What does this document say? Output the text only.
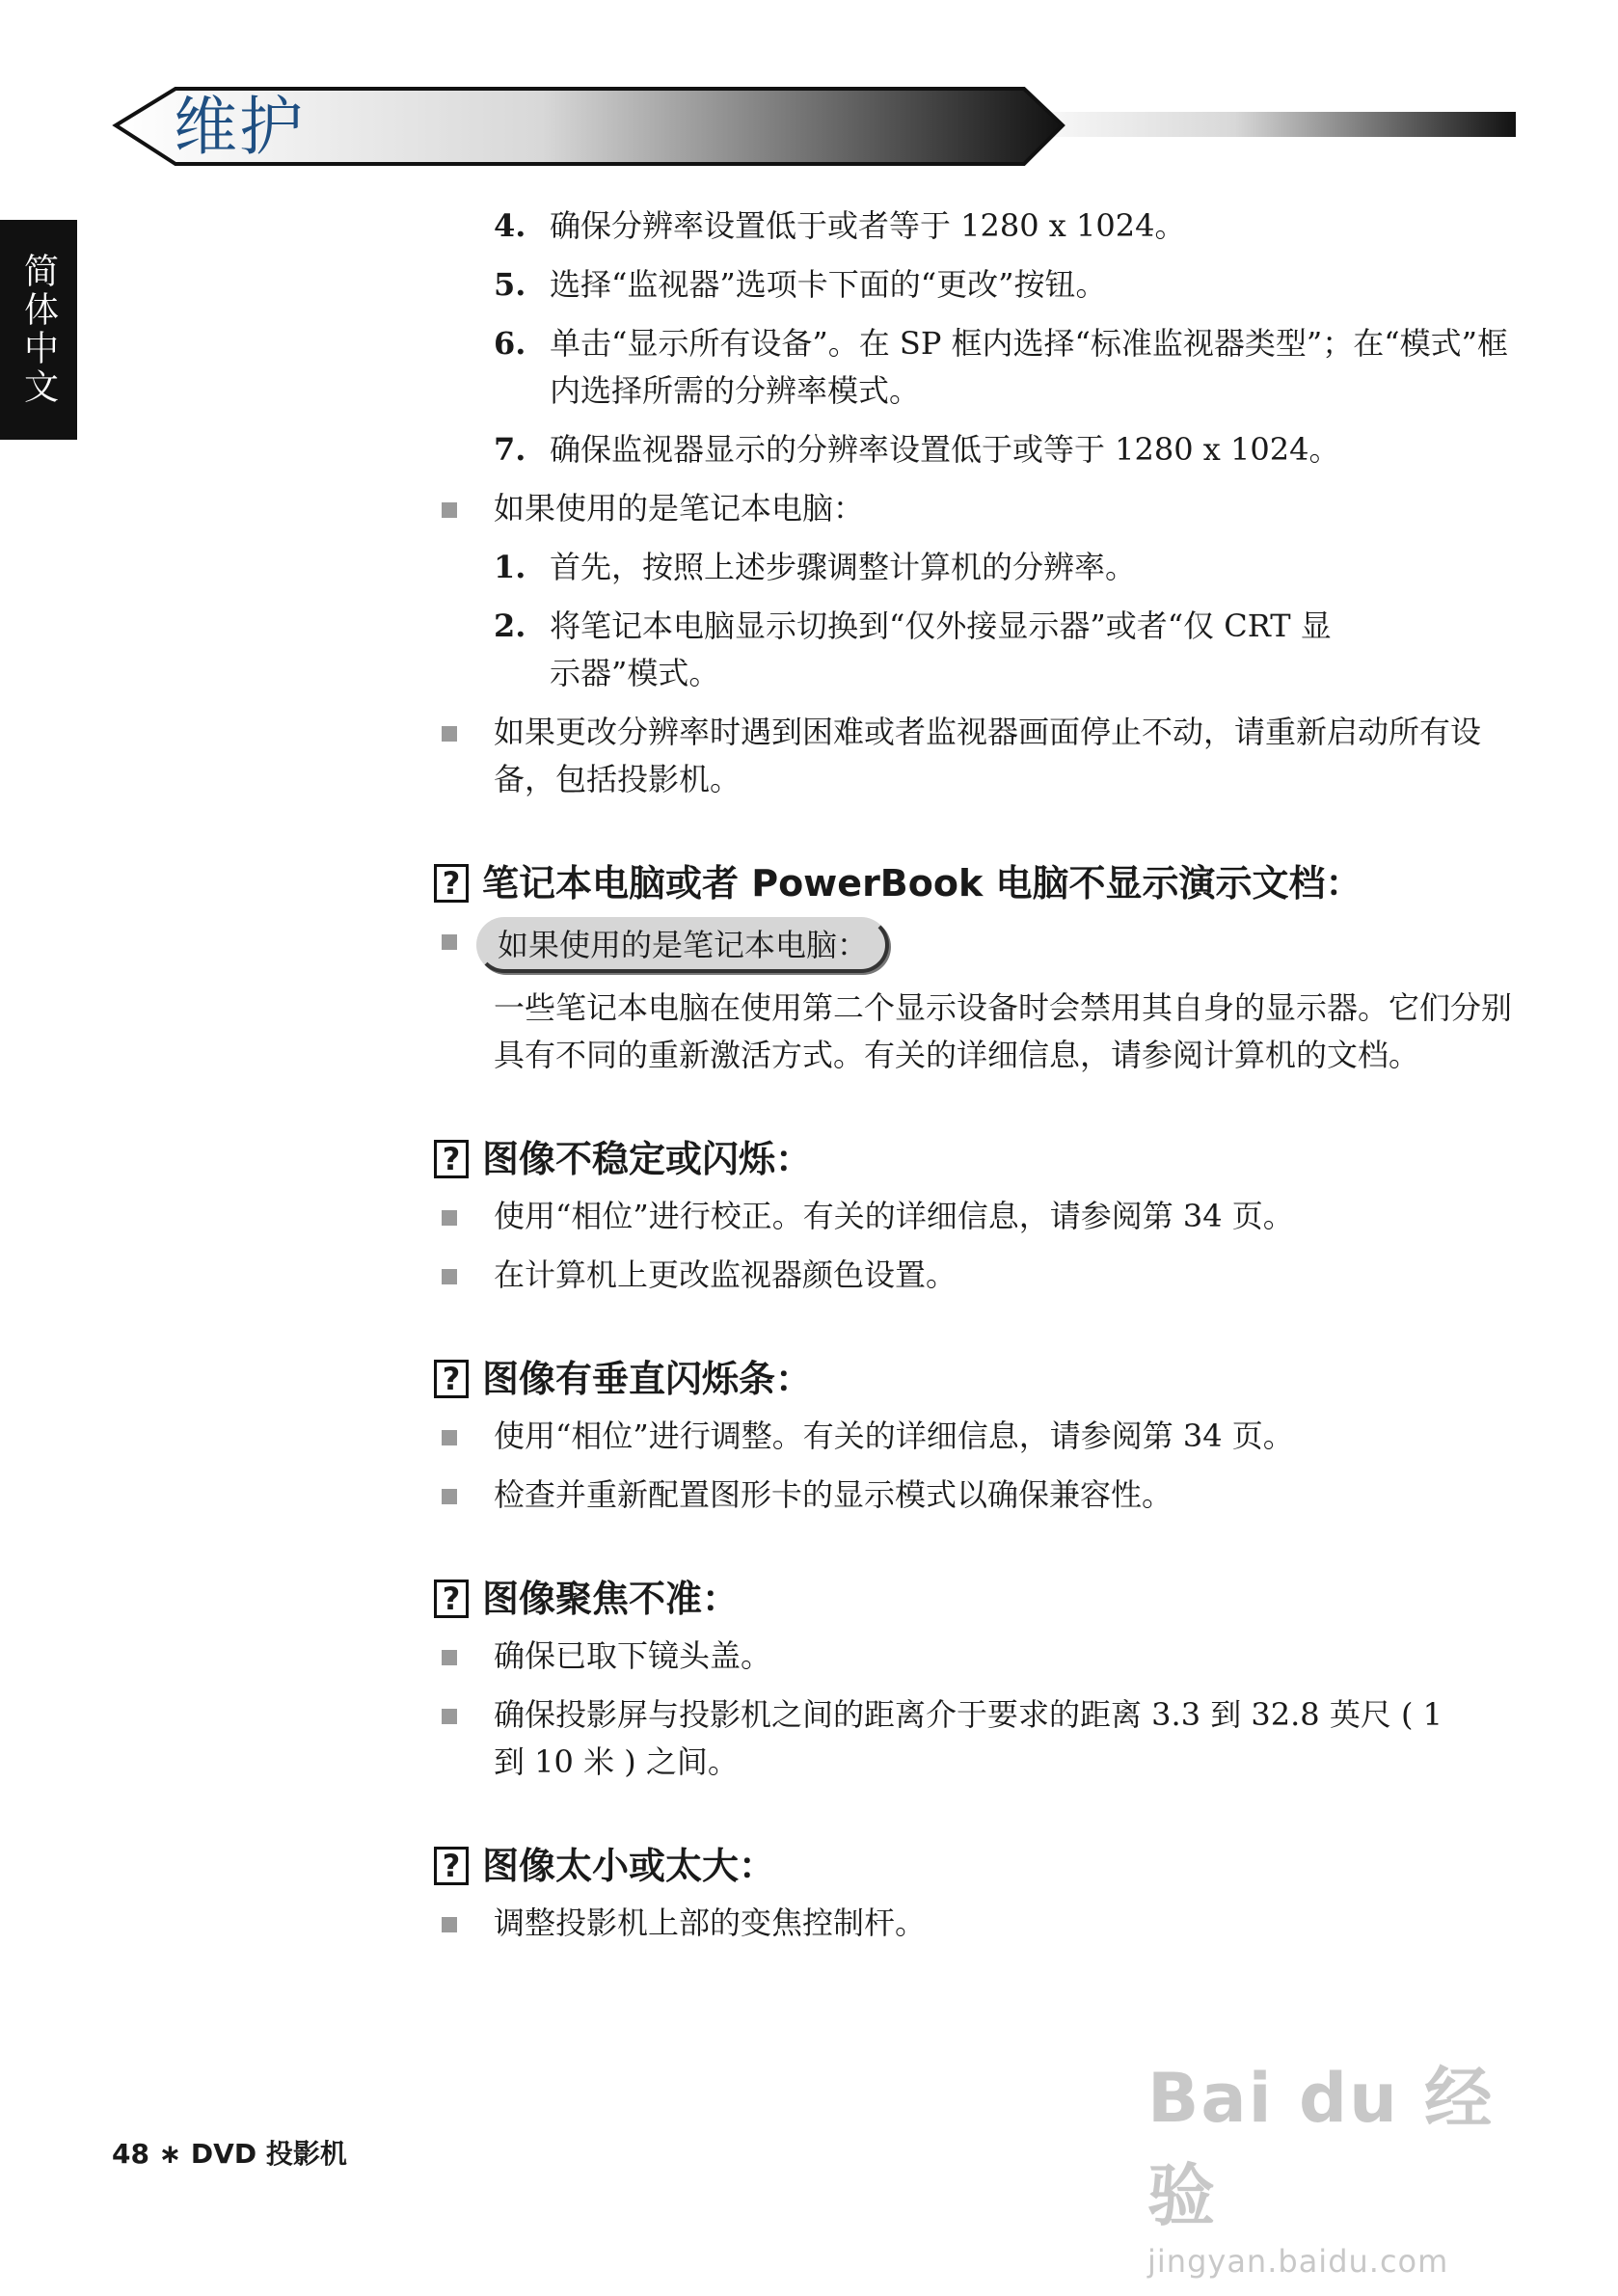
维护
简体中文
4. 确保分辨率设置低于或者等于 1280 x 1024。
5. 选择“监视器”选项卡下面的“更改”按钮。
6. 单击“显示所有设备”。在 SP 框内选择“标准监视器类型”；在“模式”框内选择所需的分辨率模式。
7. 确保监视器显示的分辨率设置低于或等于 1280 x 1024。
如果使用的是笔记本电脑：
1. 首先，按照上述步骤调整计算机的分辨率。
2. 将笔记本电脑显示切换到“仅外接显示器”或者“仅 CRT 显示器”模式。
如果更改分辨率时遇到困难或者监视器画面停止不动，请重新启动所有设备，包括投影机。
? 笔记本电脑或者 PowerBook 电脑不显示演示文档：
如果使用的是笔记本电脑：
一些笔记本电脑在使用第二个显示设备时会禁用其自身的显示器。它们分别具有不同的重新激活方式。有关的详细信息，请参阅计算机的文档。
? 图像不稳定或闪烁：
使用“相位”进行校正。有关的详细信息，请参阅第 34 页。
在计算机上更改监视器颜色设置。
? 图像有垂直闪烁条：
使用“相位”进行调整。有关的详细信息，请参阅第 34 页。
检查并重新配置图形卡的显示模式以确保兼容性。
? 图像聚焦不准：
确保已取下镜头盖。
确保投影屏与投影机之间的距离介于要求的距离 3.3 到 32.8 英尺 ( 1 到 10 米 ) 之间。
? 图像太小或太大：
调整投影机上部的变焦控制杆。
48 ∗ DVD 投影机
Bai du 经验
jingyan.baidu.com
